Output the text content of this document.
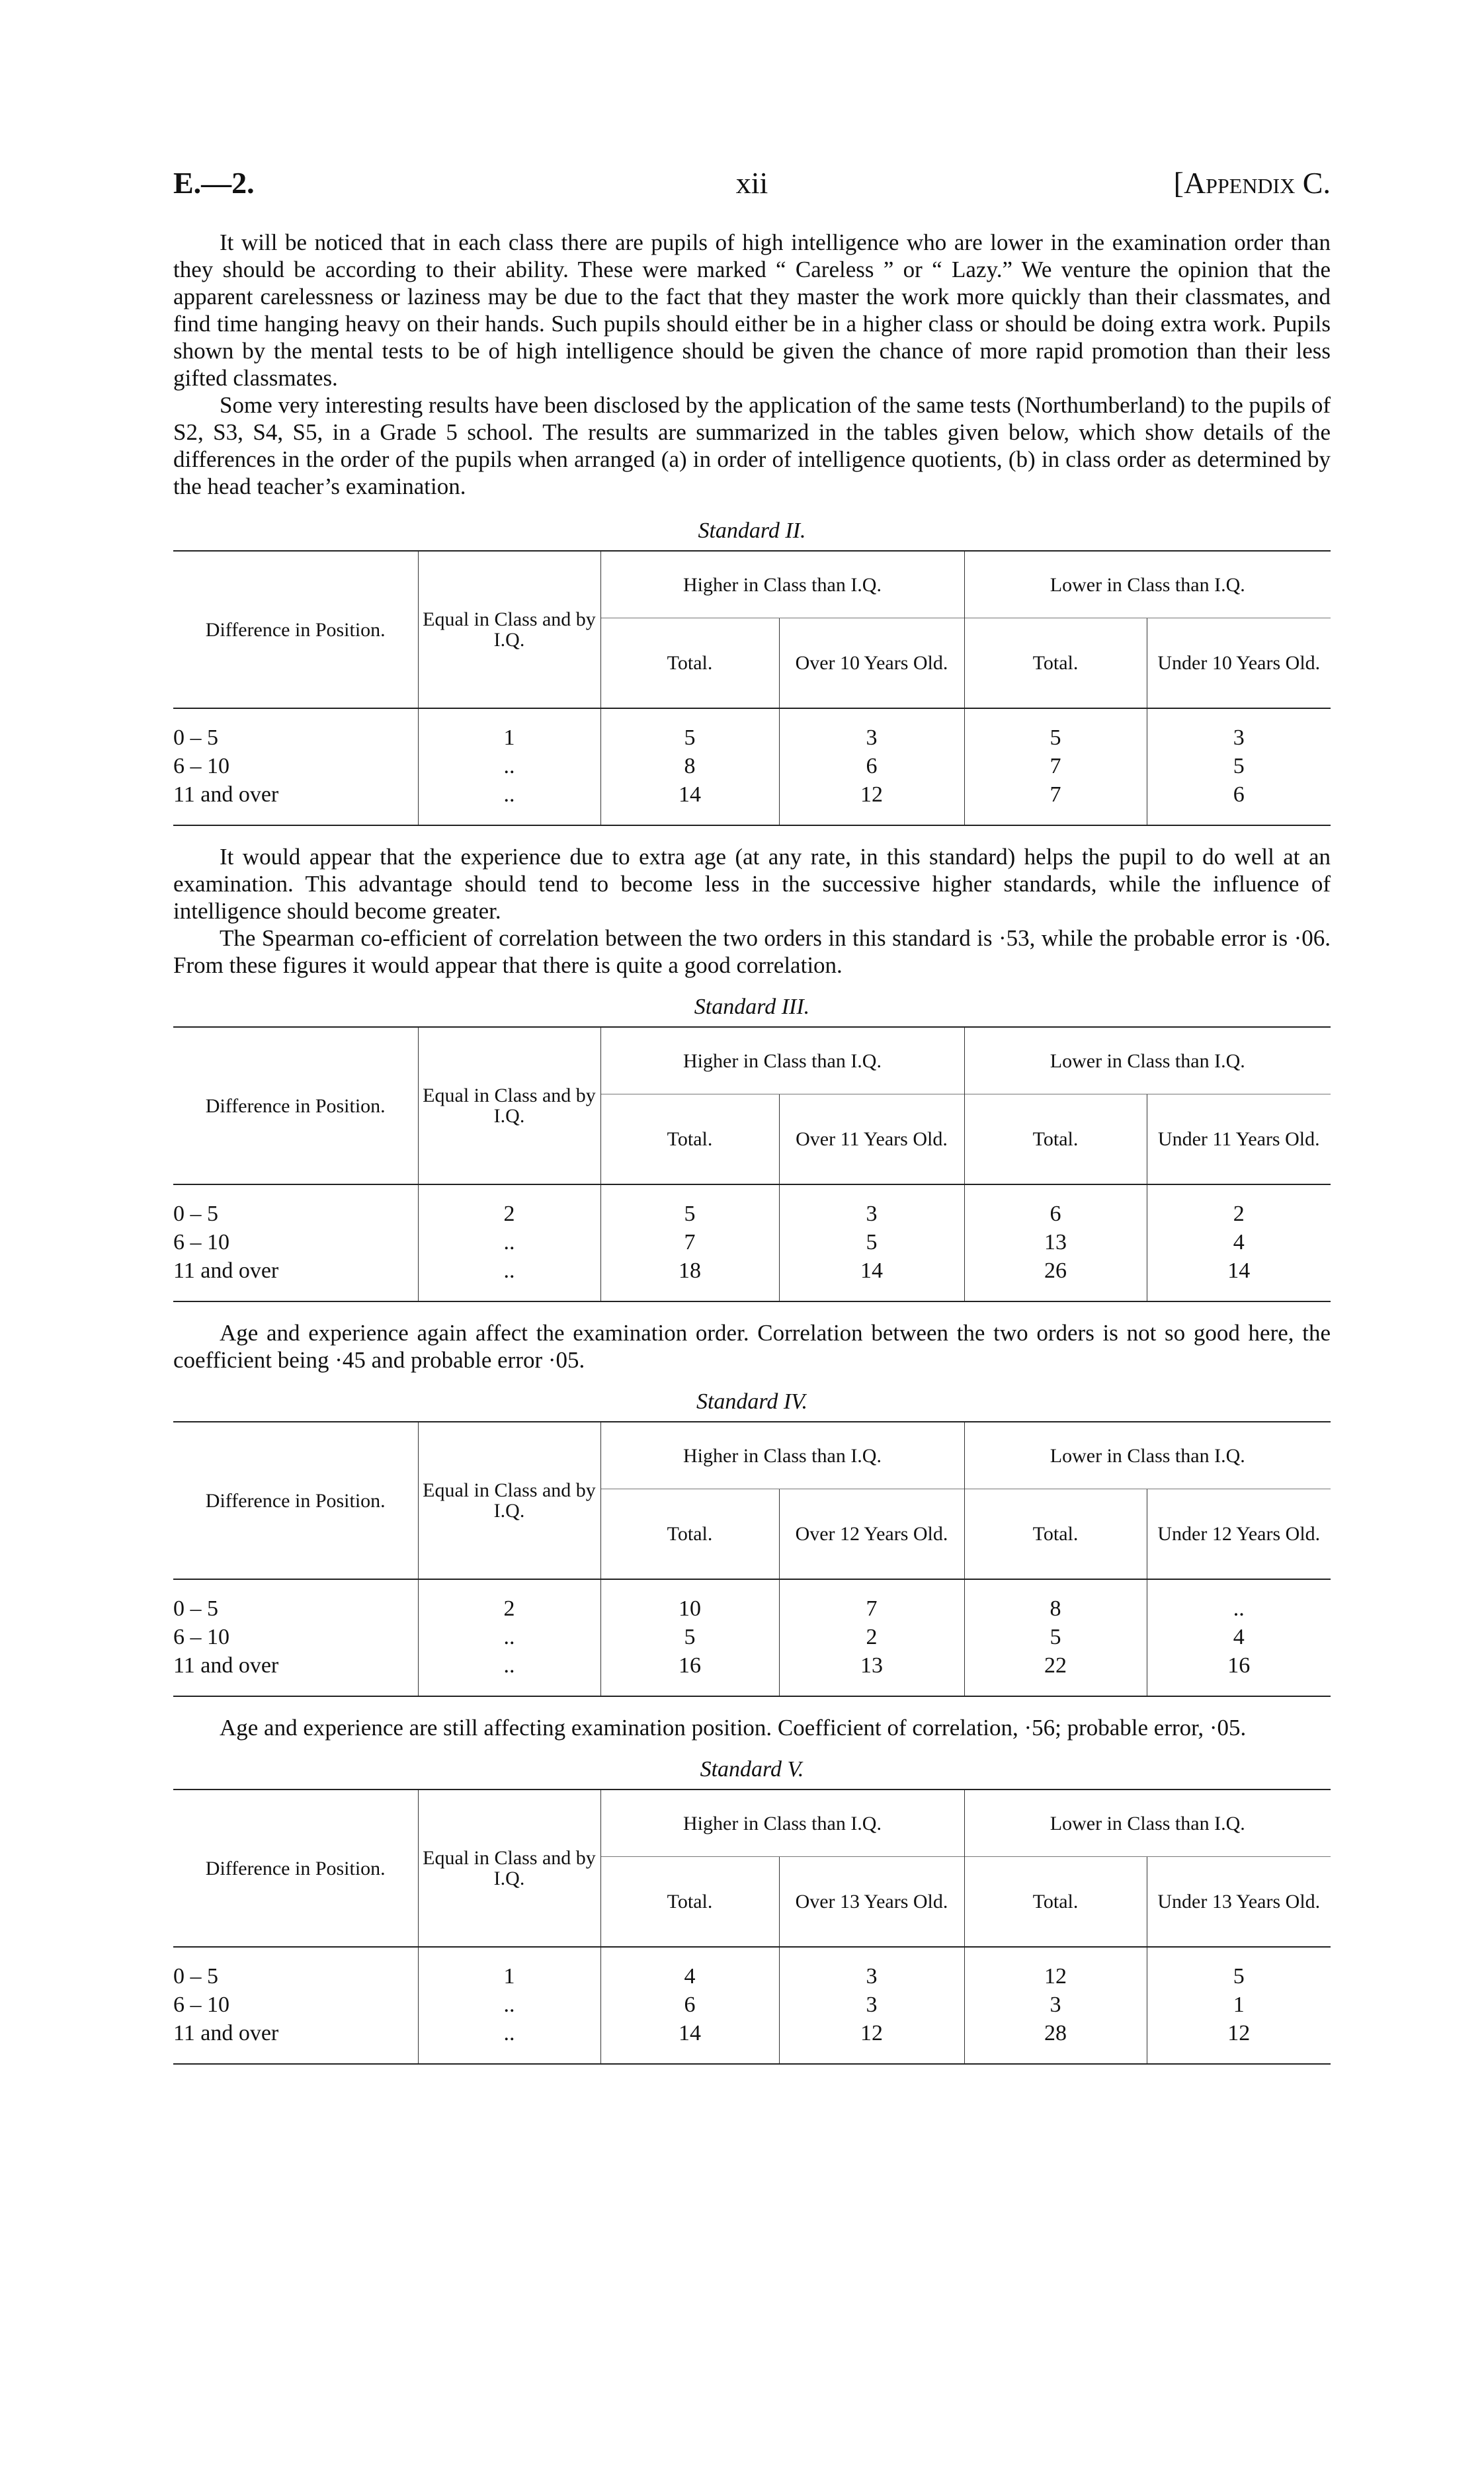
E.—2.	xii	[Appendix C.

It will be noticed that in each class there are pupils of high intelligence who are lower in the examination order than they should be according to their ability. These were marked “ Careless ” or “ Lazy.” We venture the opinion that the apparent carelessness or laziness may be due to the fact that they master the work more quickly than their classmates, and find time hanging heavy on their hands. Such pupils should either be in a higher class or should be doing extra work. Pupils shown by the mental tests to be of high intelligence should be given the chance of more rapid promotion than their less gifted classmates.

Some very interesting results have been disclosed by the application of the same tests (Northumberland) to the pupils of S2, S3, S4, S5, in a Grade 5 school. The results are summarized in the tables given below, which show details of the differences in the order of the pupils when arranged (a) in order of intelligence quotients, (b) in class order as determined by the head teacher’s examination.

Standard II.
Difference in Position.	Equal in Class and by I.Q.	Higher in Class than I.Q.		Lower in Class than I.Q.	
		Total.	Over 10 Years Old.	Total.	Under 10 Years Old.
0 – 5	1	5	3	5	3
6 – 10	..	8	6	7	5
11 and over	..	14	12	7	6

It would appear that the experience due to extra age (at any rate, in this standard) helps the pupil to do well at an examination. This advantage should tend to become less in the successive higher standards, while the influence of intelligence should become greater.

The Spearman co-efficient of correlation between the two orders in this standard is ·53, while the probable error is ·06. From these figures it would appear that there is quite a good correlation.

Standard III.
Difference in Position.	Equal in Class and by I.Q.	Higher in Class than I.Q.		Lower in Class than I.Q.	
		Total.	Over 11 Years Old.	Total.	Under 11 Years Old.
0 – 5	2	5	3	6	2
6 – 10	..	7	5	13	4
11 and over	..	18	14	26	14

Age and experience again affect the examination order. Correlation between the two orders is not so good here, the coefficient being ·45 and probable error ·05.

Standard IV.
Difference in Position.	Equal in Class and by I.Q.	Higher in Class than I.Q.		Lower in Class than I.Q.	
		Total.	Over 12 Years Old.	Total.	Under 12 Years Old.
0 – 5	2	10	7	8	..
6 – 10	..	5	2	5	4
11 and over	..	16	13	22	16

Age and experience are still affecting examination position. Coefficient of correlation, ·56; probable error, ·05.

Standard V.
Difference in Position.	Equal in Class and by I.Q.	Higher in Class than I.Q.		Lower in Class than I.Q.	
		Total.	Over 13 Years Old.	Total.	Under 13 Years Old.
0 – 5	1	4	3	12	5
6 – 10	..	6	3	3	1
11 and over	..	14	12	28	12
